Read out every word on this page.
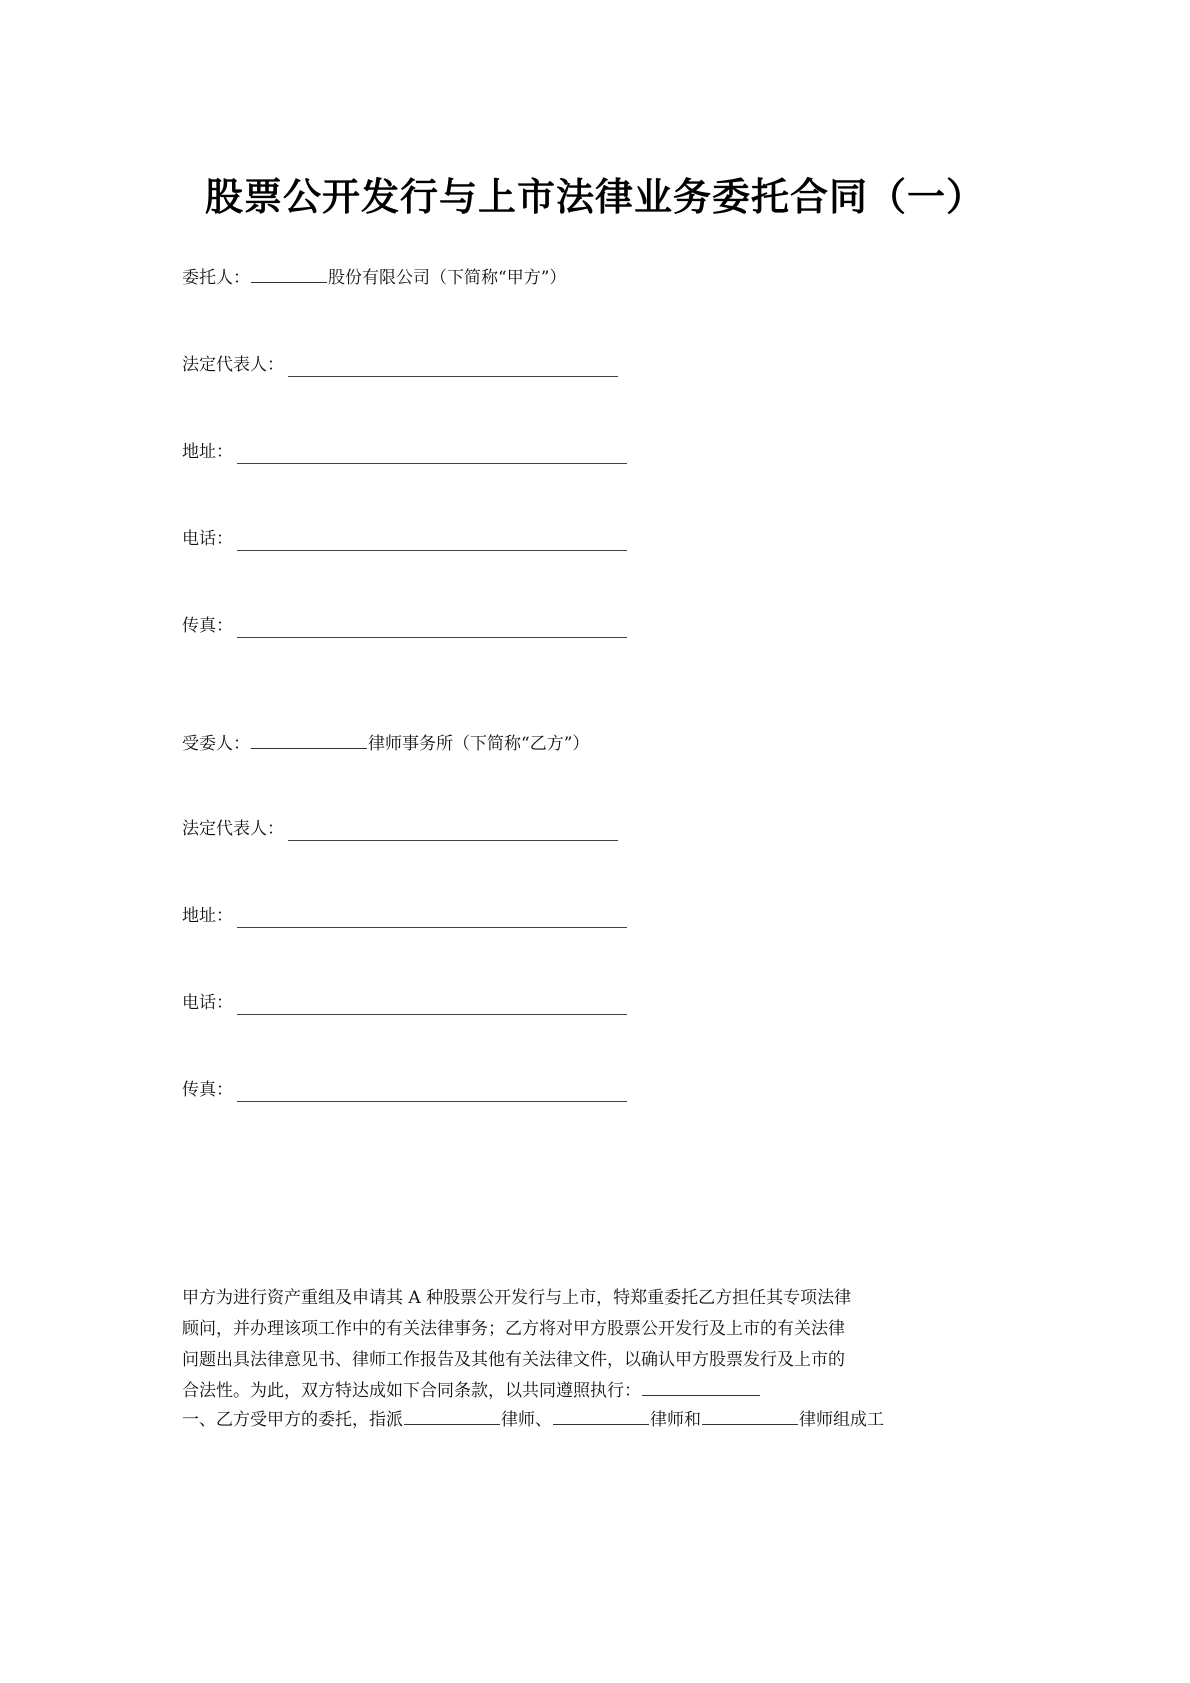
股票公开发行与上市法律业务委托合同（一）
委托人：	股份有限公司（下简称“甲方”）
法定代表人：
地址：
电话：
传真：
受委人：	律师事务所（下简称“乙方”）
法定代表人：
地址：
电话：
传真：
甲方为进行资产重组及申请其 A 种股票公开发行与上市，特郑重委托乙方担任其专项法律
顾问，并办理该项工作中的有关法律事务；乙方将对甲方股票公开发行及上市的有关法律
问题出具法律意见书、律师工作报告及其他有关法律文件，以确认甲方股票发行及上市的
合法性。为此，双方特达成如下合同条款，以共同遵照执行：
一、乙方受甲方的委托，指派	律师、	律师和	律师组成工
